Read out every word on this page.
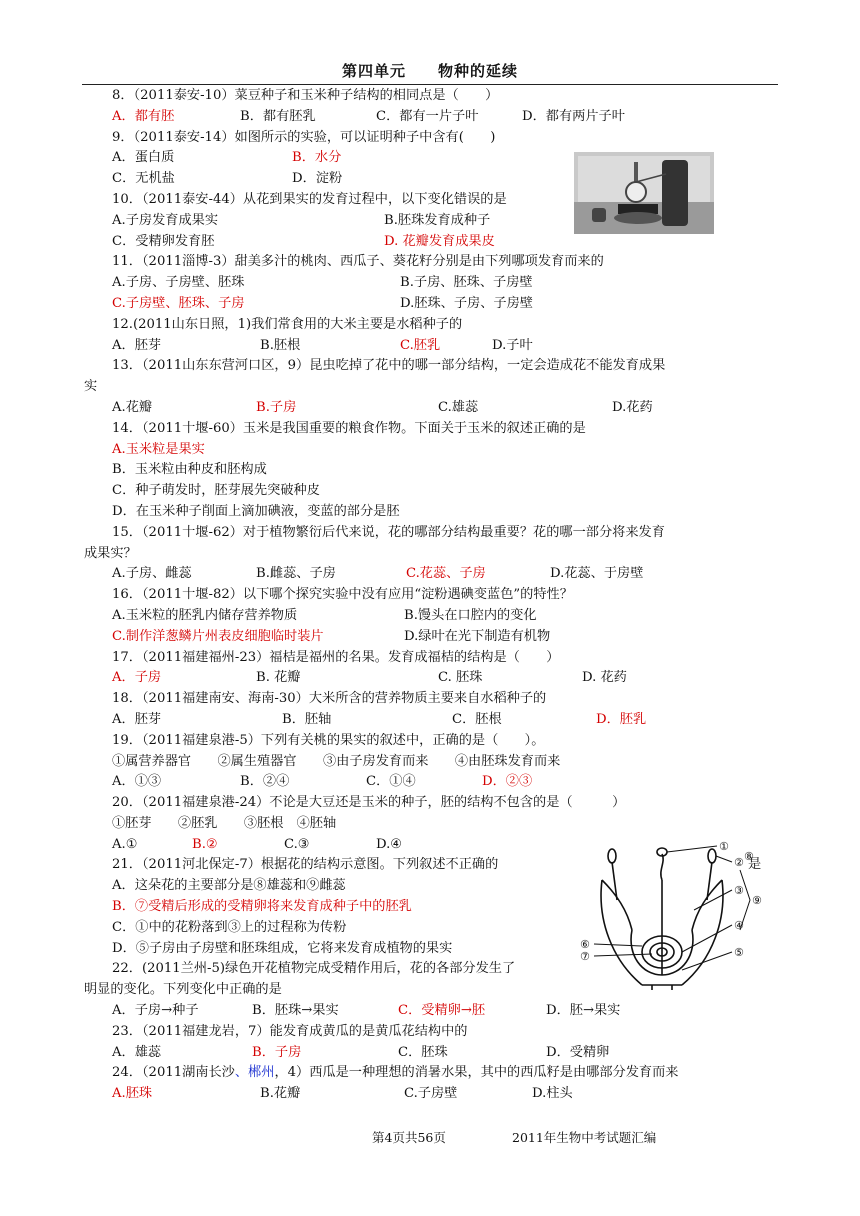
第四单元　　物种的延续
8．（2011泰安-10）菜豆种子和玉米种子结构的相同点是（　　）
A．都有胚	B．都有胚乳	C．都有一片子叶	D．都有两片子叶
9．（2011泰安-14）如图所示的实验，可以证明种子中含有(　　)
A．蛋白质	B．水分
C．无机盐	D．淀粉
10．（2011泰安-44）从花到果实的发育过程中，以下变化错误的是
A.子房发育成果实	B.胚珠发育成种子
C．受精卵发育胚	D. 花瓣发育成果皮
11．（2011淄博-3）甜美多汁的桃肉、西瓜子、葵花籽分别是由下列哪项发育而来的
A.子房、子房壁、胚珠	B.子房、胚珠、子房壁
C.子房壁、胚珠、子房	D.胚珠、子房、子房壁
12.(2011山东日照，1)我们常食用的大米主要是水稻种子的
A．胚芽	B.胚根	C.胚乳	D.子叶
13．（2011山东东营河口区，9）昆虫吃掉了花中的哪一部分结构，一定会造成花不能发育成果
实
A.花瓣	B.子房	C.雄蕊	D.花药
14．（2011十堰-60）玉米是我国重要的粮食作物。下面关于玉米的叙述正确的是
A.玉米粒是果实
B．玉米粒由种皮和胚构成
C．种子萌发时，胚芽展先突破种皮
D．在玉米种子削面上滴加碘液，变蓝的部分是胚
15．（2011十堰-62）对于植物繁衍后代来说，花的哪部分结构最重要？花的哪一部分将来发育
成果实？
A.子房、雌蕊	B.雌蕊、子房	C.花蕊、子房	D.花蕊、于房壁
16．（2011十堰-82）以下哪个探究实验中没有应用“淀粉遇碘变蓝色”的特性？
A.玉米粒的胚乳内储存营养物质	B.馒头在口腔内的变化
C.制作洋葱鳞片州表皮细胞临时装片	D.绿叶在光下制造有机物
17．（2011福建福州-23）福桔是福州的名果。发育成福桔的结构是（　　）
A．子房	B. 花瓣	C. 胚珠	D. 花药
18．（2011福建南安、海南-30）大米所含的营养物质主要来自水稻种子的
A．胚芽	B．胚轴	C．胚根	D．胚乳
19．（2011福建泉港-5）下列有关桃的果实的叙述中，正确的是（　　）。
①属营养器官　　②属生殖器官　　③由子房发育而来　　④由胚珠发育而来
A．①③	B．②④	C．①④	D．②③
20．（2011福建泉港-24）不论是大豆还是玉米的种子，胚的结构不包含的是（　　　）
①胚芽　　②胚乳　　③胚根　④胚轴
A.①	B.②	C.③	D.④
21．（2011河北保定-7）根据花的结构示意图。下列叙述不正确的	是
A．这朵花的主要部分是⑧雄蕊和⑨雌蕊
B．⑦受精后形成的受精卵将来发育成种子中的胚乳
C．①中的花粉落到③上的过程称为传粉
D．⑤子房由子房壁和胚珠组成，它将来发育成植物的果实
22．(2011兰州-5)绿色开花植物完成受精作用后，花的各部分发生了
明显的变化。下列变化中正确的是
A．子房→种子	B．胚珠→果实	C．受精卵→胚	D．胚→果实
23．（2011福建龙岩，7）能发育成黄瓜的是黄瓜花结构中的
A．雄蕊	B．子房	C．胚珠	D．受精卵
24．（2011湖南长沙、郴州，4）西瓜是一种理想的消暑水果，其中的西瓜籽是由哪部分发育而来
A.胚珠	B.花瓣	C.子房壁	D.柱头
①
②
③
④
⑤
⑥
⑦
⑧
⑨
第4页共56页	2011年生物中考试题汇编
